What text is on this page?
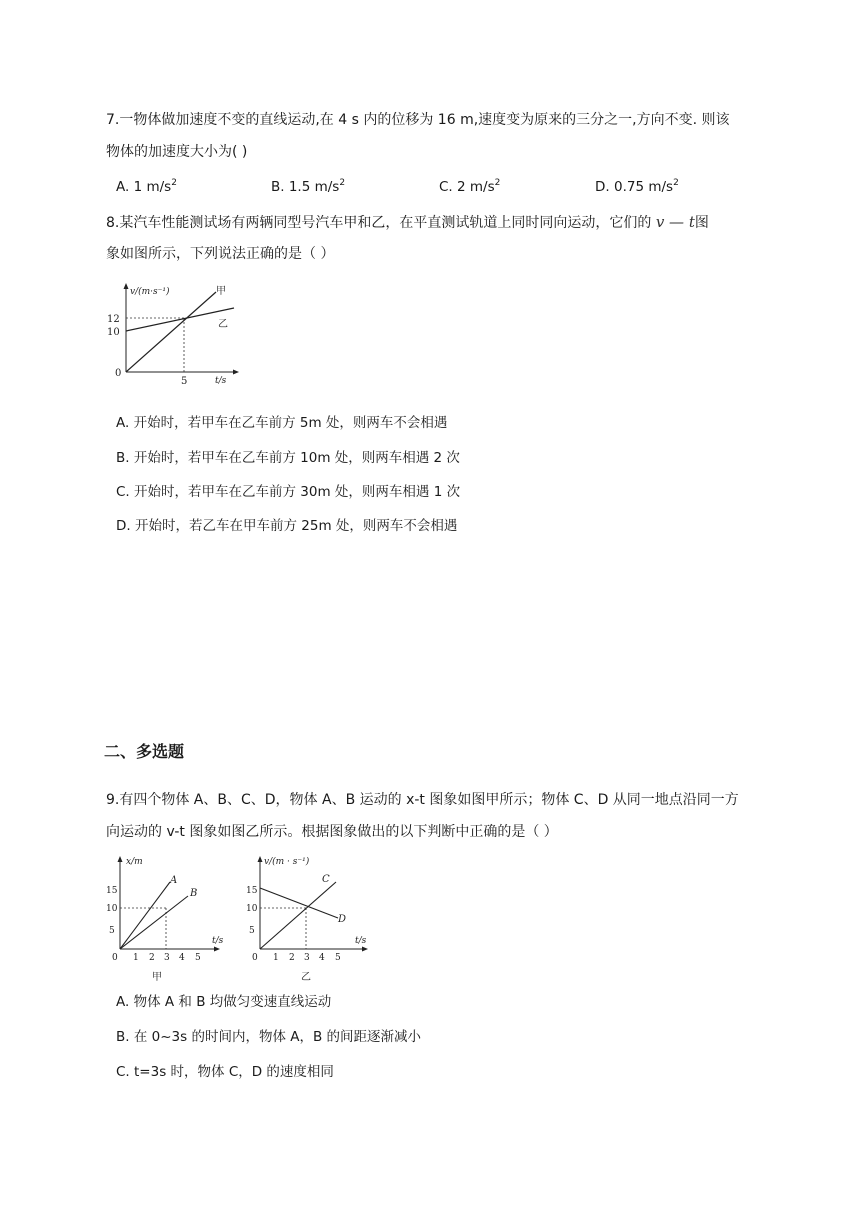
7.一物体做加速度不变的直线运动,在 4 s 内的位移为 16 m,速度变为原来的三分之一,方向不变. 则该
物体的加速度大小为( )
A. 1 $m/s^2$	B. 1.5 $m/s^2$	C. 2 $m/s^2$	D. 0.75 $m/s^2$
8.某汽车性能测试场有两辆同型号汽车甲和乙，在平直测试轨道上同时同向运动，它们的 v — t图
象如图所示，下列说法正确的是（ ）
v/(m·s⁻¹)
t/s
12
10
0
5
甲
乙
A. 开始时，若甲车在乙车前方 5m 处，则两车不会相遇
B. 开始时，若甲车在乙车前方 10m 处，则两车相遇 2 次
C. 开始时，若甲车在乙车前方 30m 处，则两车相遇 1 次
D. 开始时，若乙车在甲车前方 25m 处，则两车不会相遇
二、多选题
9.有四个物体 A、B、C、D，物体 A、B 运动的 x-t 图象如图甲所示；物体 C、D 从同一地点沿同一方
向运动的 v-t 图象如图乙所示。根据图象做出的以下判断中正确的是（ ）
x/m
t/s
15
10
5
0 1 2 3 4 5
A
B
甲
v/(m · s⁻¹)
t/s
15
10
5
0 1 2 3 4 5
C
D
乙
A. 物体 A 和 B 均做匀变速直线运动
B. 在 0~3s 的时间内，物体 A，B 的间距逐渐减小
C. t=3s 时，物体 C，D 的速度相同
